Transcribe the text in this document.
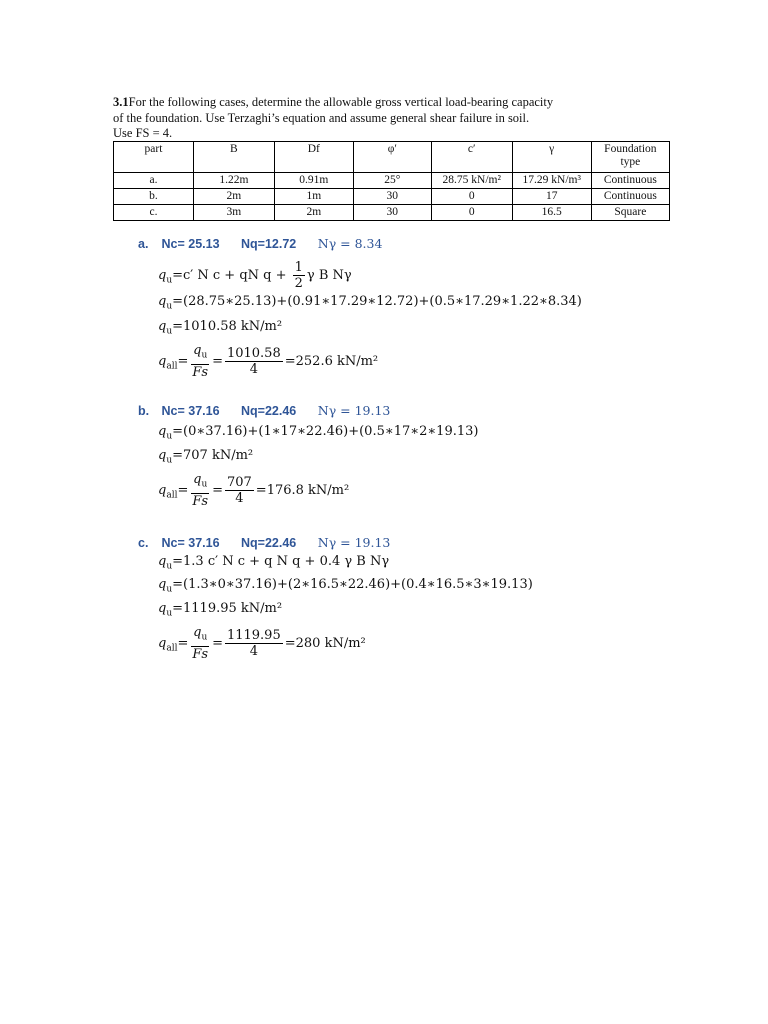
3.1For the following cases, determine the allowable gross vertical load-bearing capacity
of the foundation. Use Terzaghi’s equation and assume general shear failure in soil.
Use FS = 4.
part	B	Df	φ′	c′	γ	Foundation type
a.	1.22m	0.91m	25°	28.75 kN/m²	17.29 kN/m³	Continuous
b.	2m	1m	30	0	17	Continuous
c.	3m	2m	30	0	16.5	Square
a. Nc= 25.13 Nq=12.72 Nγ = 8.34
$q_u=c'$ N c + qN $q + \frac{1}{2}$ γ B Nγ
$q_u=(28.75∗25.13)+(0.91∗17.29∗12.72)+(0.5∗17.29∗1.22∗8.34)$
$q_u=1010.58$ kN/m²
$q_{all}= \frac{q_u}{Fs} = \frac{1010.58}{4} =252.6$ kN/m²
b. Nc= 37.16 Nq=22.46 Nγ = 19.13
$q_u=(0∗37.16)+(1∗17∗22.46)+(0.5∗17∗2∗19.13)$
$q_u=707$ kN/m²
$q_{all}= \frac{q_u}{Fs} = \frac{707}{4} =176.8$ kN/m²
c. Nc= 37.16 Nq=22.46 Nγ = 19.13
$q_u=1.3$ c′ N c + q N q + 0.4 γ B Nγ
$q_u=(1.3∗0∗37.16)+(2∗16.5∗22.46)+(0.4∗16.5∗3∗19.13)$
$q_u=1119.95$ kN/m²
$q_{all}= \frac{q_u}{Fs} = \frac{1119.95}{4} =280$ kN/m²
